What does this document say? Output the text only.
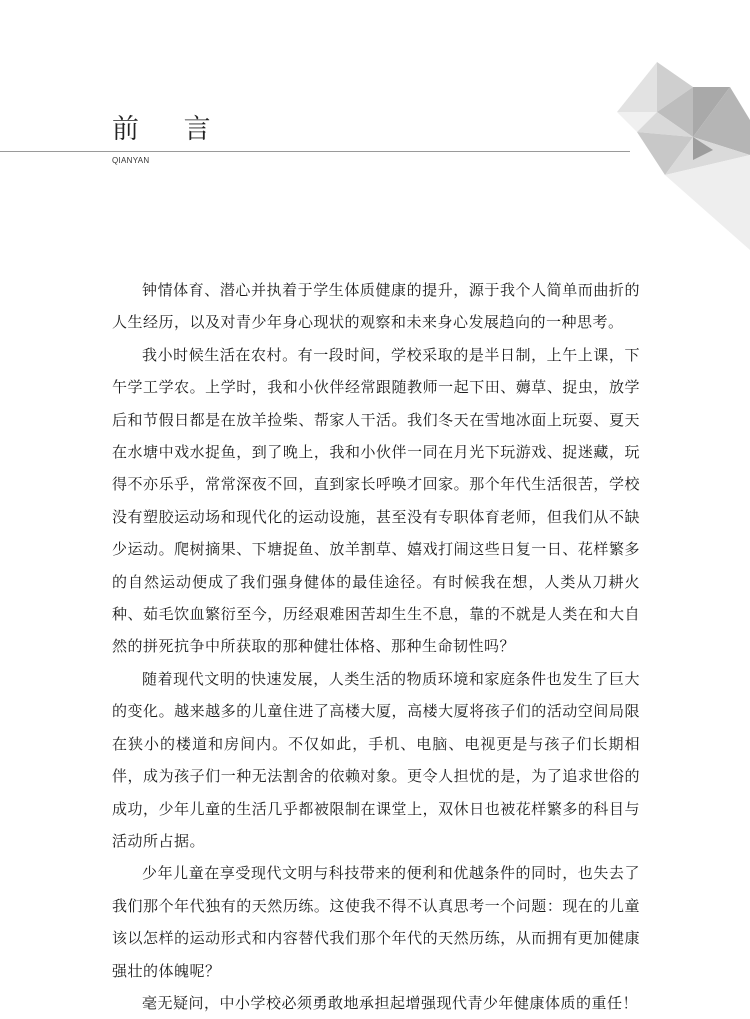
前 言
QIANYAN

钟情体育、潜心并执着于学生体质健康的提升，源于我个人简单而曲折的人生经历，以及对青少年身心现状的观察和未来身心发展趋向的一种思考。

我小时候生活在农村。有一段时间，学校采取的是半日制，上午上课，下午学工学农。上学时，我和小伙伴经常跟随教师一起下田、薅草、捉虫，放学后和节假日都是在放羊捡柴、帮家人干活。我们冬天在雪地冰面上玩耍、夏天在水塘中戏水捉鱼，到了晚上，我和小伙伴一同在月光下玩游戏、捉迷藏，玩得不亦乐乎，常常深夜不回，直到家长呼唤才回家。那个年代生活很苦，学校没有塑胶运动场和现代化的运动设施，甚至没有专职体育老师，但我们从不缺少运动。爬树摘果、下塘捉鱼、放羊割草、嬉戏打闹这些日复一日、花样繁多的自然运动便成了我们强身健体的最佳途径。有时候我在想，人类从刀耕火种、茹毛饮血繁衍至今，历经艰难困苦却生生不息，靠的不就是人类在和大自然的拼死抗争中所获取的那种健壮体格、那种生命韧性吗？

随着现代文明的快速发展，人类生活的物质环境和家庭条件也发生了巨大的变化。越来越多的儿童住进了高楼大厦，高楼大厦将孩子们的活动空间局限在狭小的楼道和房间内。不仅如此，手机、电脑、电视更是与孩子们长期相伴，成为孩子们一种无法割舍的依赖对象。更令人担忧的是，为了追求世俗的成功，少年儿童的生活几乎都被限制在课堂上，双休日也被花样繁多的科目与活动所占据。

少年儿童在享受现代文明与科技带来的便利和优越条件的同时，也失去了我们那个年代独有的天然历练。这使我不得不认真思考一个问题：现在的儿童该以怎样的运动形式和内容替代我们那个年代的天然历练，从而拥有更加健康强壮的体魄呢？

毫无疑问，中小学校必须勇敢地承担起增强现代青少年健康体质的重任！
